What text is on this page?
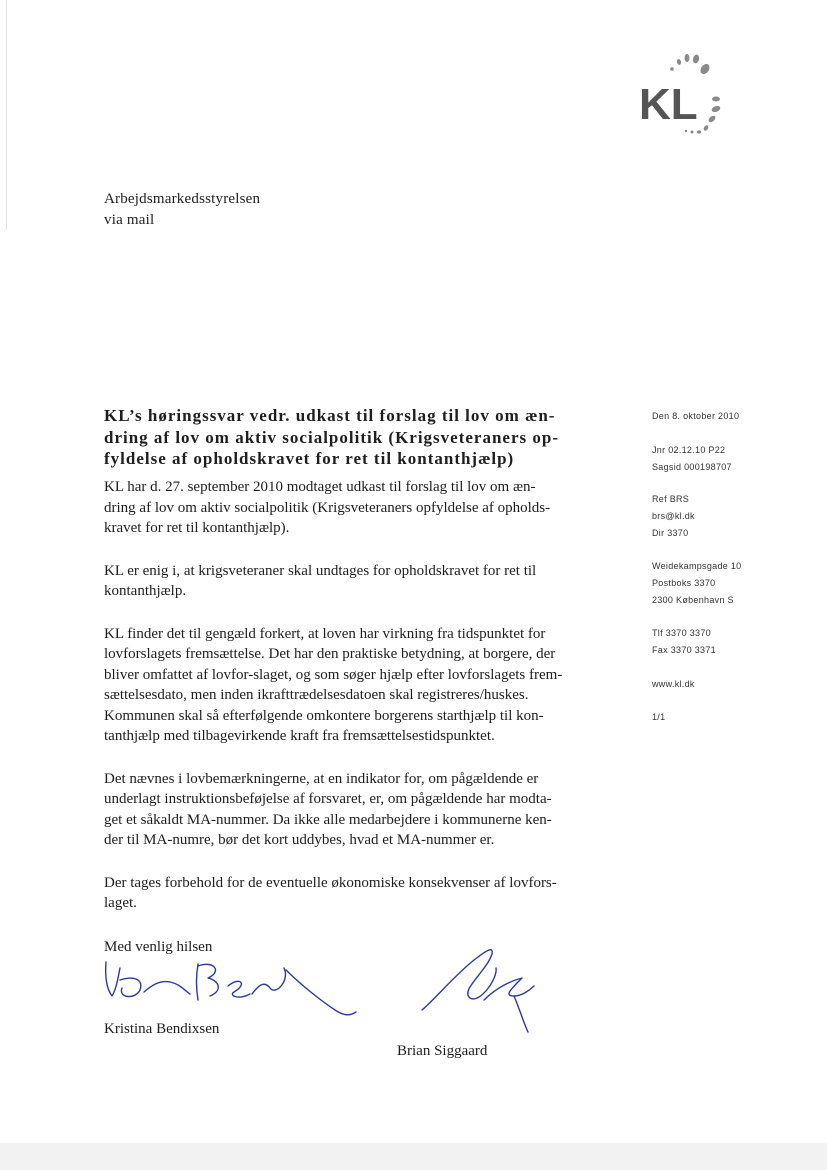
KL
Arbejdsmarkedsstyrelsen
via mail
KL’s høringssvar vedr. udkast til forslag til lov om æn-
dring af lov om aktiv socialpolitik (Krigsveteraners op-
fyldelse af opholdskravet for ret til kontanthjælp)

KL har d. 27. september 2010 modtaget udkast til forslag til lov om æn-
dring af lov om aktiv socialpolitik (Krigsveteraners opfyldelse af opholds-
kravet for ret til kontanthjælp).

KL er enig i, at krigsveteraner skal undtages for opholdskravet for ret til
kontanthjælp.

KL finder det til gengæld forkert, at loven har virkning fra tidspunktet for
lovforslagets fremsættelse. Det har den praktiske betydning, at borgere, der
bliver omfattet af lovfor-slaget, og som søger hjælp efter lovforslagets frem-
sættelsesdato, men inden ikrafttrædelsesdatoen skal registreres/huskes.
Kommunen skal så efterfølgende omkontere borgerens starthjælp til kon-
tanthjælp med tilbagevirkende kraft fra fremsættelsestidspunktet.

Det nævnes i lovbemærkningerne, at en indikator for, om pågældende er
underlagt instruktionsbeføjelse af forsvaret, er, om pågældende har modta-
get et såkaldt MA-nummer. Da ikke alle medarbejdere i kommunerne ken-
der til MA-numre, bør det kort uddybes, hvad et MA-nummer er.

Der tages forbehold for de eventuelle økonomiske konsekvenser af lovfors-
laget.

Med venlig hilsen
Kristina Bendixsen
Brian Siggaard
Den 8. oktober 2010
Jnr 02.12.10 P22
Sagsid 000198707
Ref BRS
brs@kl.dk
Dir 3370
Weidekampsgade 10
Postboks 3370
2300 København S
Tlf 3370 3370
Fax 3370 3371
www.kl.dk
1/1
